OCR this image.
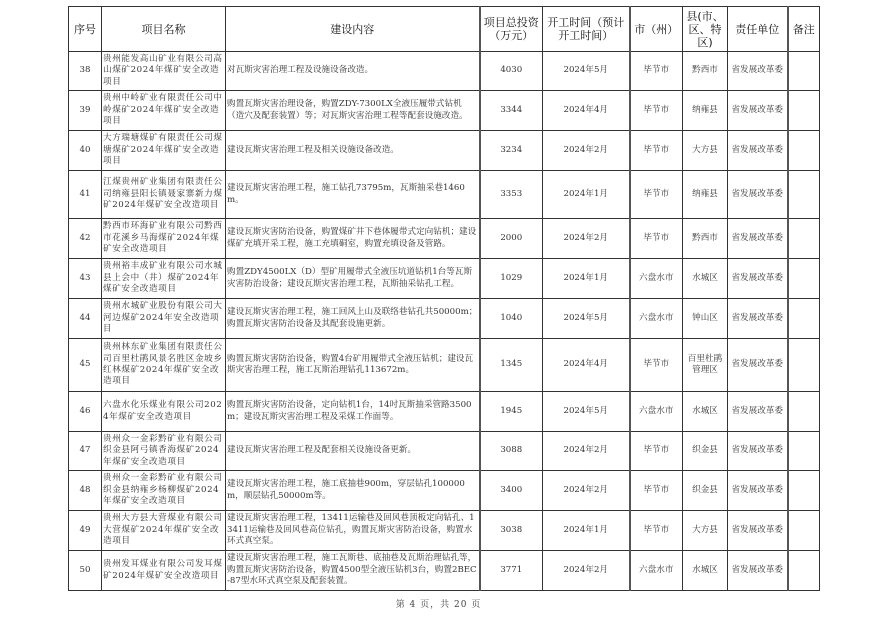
序号	项目名称	建设内容	项目总投资（万元）	开工时间（预计开工时间）	市（州）	县(市、区、特区)	责任单位	备注
38	贵州能发高山矿业有限公司高山煤矿2024年煤矿安全改造项目	对瓦斯灾害治理工程及设施设备改造。	4030	2024年5月	毕节市	黔西市	省发展改革委	
39	贵州中岭矿业有限责任公司中岭煤矿2024年煤矿安全改造项目	购置瓦斯灾害治理设备，购置ZDY-7300LX全液压履带式钻机（造穴及配套装置）等；对瓦斯灾害治理工程等配套设施改造。	3344	2024年4月	毕节市	纳雍县	省发展改革委	
40	大方瑞塘煤矿有限责任公司煤塘煤矿2024年煤矿安全改造项目	建设瓦斯灾害治理工程及相关设施设备改造。	3234	2024年2月	毕节市	大方县	省发展改革委	
41	江煤贵州矿业集团有限责任公司纳雍县阳长镇聂家寨新力煤矿2024年煤矿安全改造项目	建设瓦斯灾害治理工程，施工钻孔73795m，瓦斯抽采巷1460m。	3353	2024年1月	毕节市	纳雍县	省发展改革委	
42	黔西市环海矿业有限公司黔西市花溪乡马海煤矿2024年煤矿安全改造项目	建设瓦斯灾害防治设备，购置煤矿井下巷体履带式定向钻机；建设煤矿充填开采工程，施工充填硐室，购置充填设备及管路。	2000	2024年2月	毕节市	黔西市	省发展改革委	
43	贵州裕丰成矿业有限公司水城县上会中（井）煤矿2024年煤矿安全改造项目	购置ZDY4500LX（D）型矿用履带式全液压坑道钻机1台等瓦斯灾害防治设备；建设瓦斯灾害治理工程，瓦斯抽采钻孔工程。	1029	2024年1月	六盘水市	水城区	省发展改革委	
44	贵州水城矿业股份有限公司大河边煤矿2024年安全改造项目	建设瓦斯灾害治理工程，施工回风上山及联络巷钻孔共50000m；购置瓦斯灾害防治设备及其配套设施更新。	1040	2024年5月	六盘水市	钟山区	省发展改革委	
45	贵州林东矿业集团有限责任公司百里杜鹃风景名胜区金坡乡红林煤矿2024年煤矿安全改造项目	购置瓦斯灾害防治设备，购置4台矿用履带式全液压钻机；建设瓦斯灾害治理工程，施工瓦斯治理钻孔113672m。	1345	2024年4月	毕节市	百里杜鹃管理区	省发展改革委	
46	六盘水化乐煤业有限公司2024年煤矿安全改造项目	购置瓦斯灾害防治设备，定向钻机1台，14吋瓦斯抽采管路3500m；建设瓦斯灾害治理工程及采煤工作面等。	1945	2024年5月	六盘水市	水城区	省发展改革委	
47	贵州众一金彩黔矿业有限公司织金县阿弓镇香海煤矿2024年煤矿安全改造项目	建设瓦斯灾害治理工程及配套相关设施设备更新。	3088	2024年2月	毕节市	织金县	省发展改革委	
48	贵州众一金彩黔矿业有限公司织金县纳雍乡杨柳煤矿2024年煤矿安全改造项目	建设瓦斯灾害治理工程，施工底抽巷900m，穿层钻孔100000m，顺层钻孔50000m等。	3400	2024年2月	毕节市	织金县	省发展改革委	
49	贵州大方县大营煤业有限公司大营煤矿2024年煤矿安全改造项目	建设瓦斯灾害治理工程，13411运输巷及回风巷顶板定向钻孔、13411运输巷及回风巷高位钻孔，购置瓦斯灾害防治设备，购置水环式真空泵。	3038	2024年1月	毕节市	大方县	省发展改革委	
50	贵州发耳煤业有限公司发耳煤矿2024年煤矿安全改造项目	建设瓦斯灾害治理工程，施工瓦斯巷、底抽巷及瓦斯治理钻孔等，购置瓦斯灾害防治设备，购置4500型全液压钻机3台，购置2BEC-87型水环式真空泵及配套装置。	3771	2024年2月	六盘水市	水城区	省发展改革委	
第 4 页，共 20 页
